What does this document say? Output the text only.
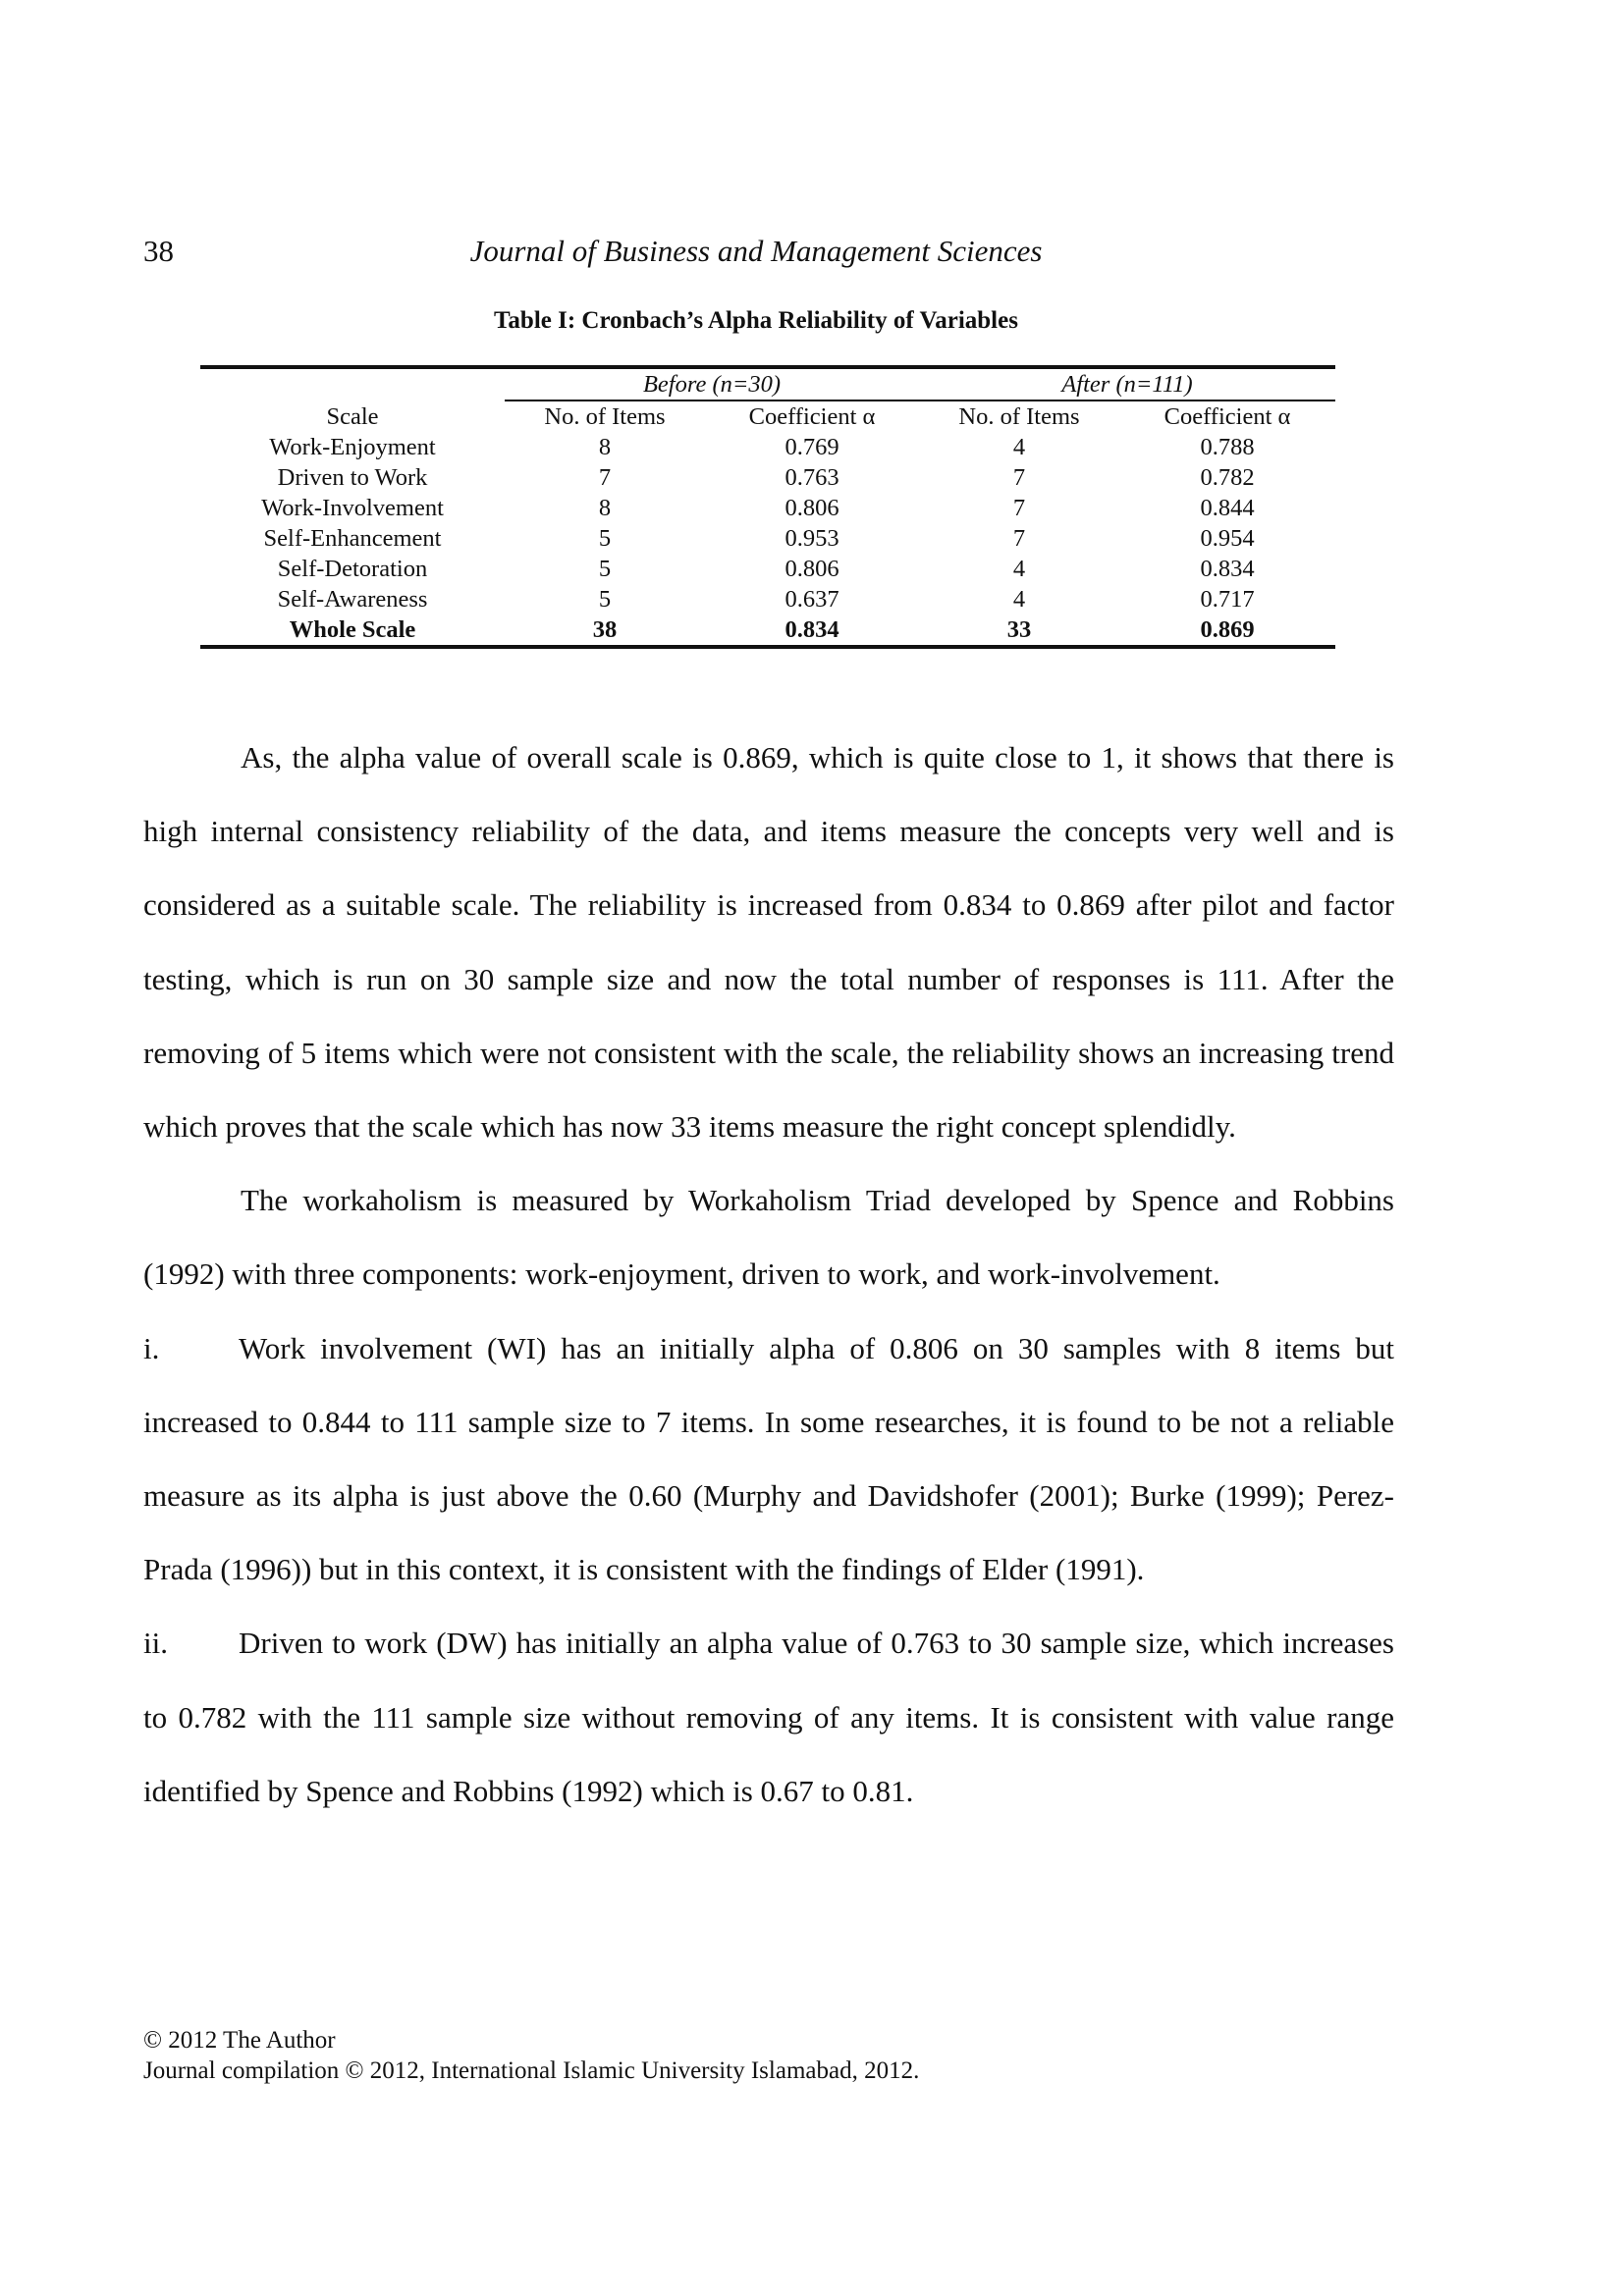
38	Journal of Business and Management Sciences
Table I: Cronbach’s Alpha Reliability of Variables
	Before (n=30)		After (n=111)	
Scale	No. of Items	Coefficient α	No. of Items	Coefficient α
Work-Enjoyment	8	0.769	4	0.788
Driven to Work	7	0.763	7	0.782
Work-Involvement	8	0.806	7	0.844
Self-Enhancement	5	0.953	7	0.954
Self-Detoration	5	0.806	4	0.834
Self-Awareness	5	0.637	4	0.717
Whole Scale	38	0.834	33	0.869

As, the alpha value of overall scale is 0.869, which is quite close to 1, it shows that there is high internal consistency reliability of the data, and items measure the concepts very well and is considered as a suitable scale. The reliability is increased from 0.834 to 0.869 after pilot and factor testing, which is run on 30 sample size and now the total number of responses is 111. After the removing of 5 items which were not consistent with the scale, the reliability shows an increasing trend which proves that the scale which has now 33 items measure the right concept splendidly.

The workaholism is measured by Workaholism Triad developed by Spence and Robbins (1992) with three components: work-enjoyment, driven to work, and work-involvement.

i.	Work involvement (WI) has an initially alpha of 0.806 on 30 samples with 8 items but increased to 0.844 to 111 sample size to 7 items. In some researches, it is found to be not a reliable measure as its alpha is just above the 0.60 (Murphy and Davidshofer (2001); Burke (1999); Perez-Prada (1996)) but in this context, it is consistent with the findings of Elder (1991).

ii. Driven to work (DW) has initially an alpha value of 0.763 to 30 sample size, which increases to 0.782 with the 111 sample size without removing of any items. It is consistent with value range identified by Spence and Robbins (1992) which is 0.67 to 0.81.

© 2012 The Author
Journal compilation © 2012, International Islamic University Islamabad, 2012.
